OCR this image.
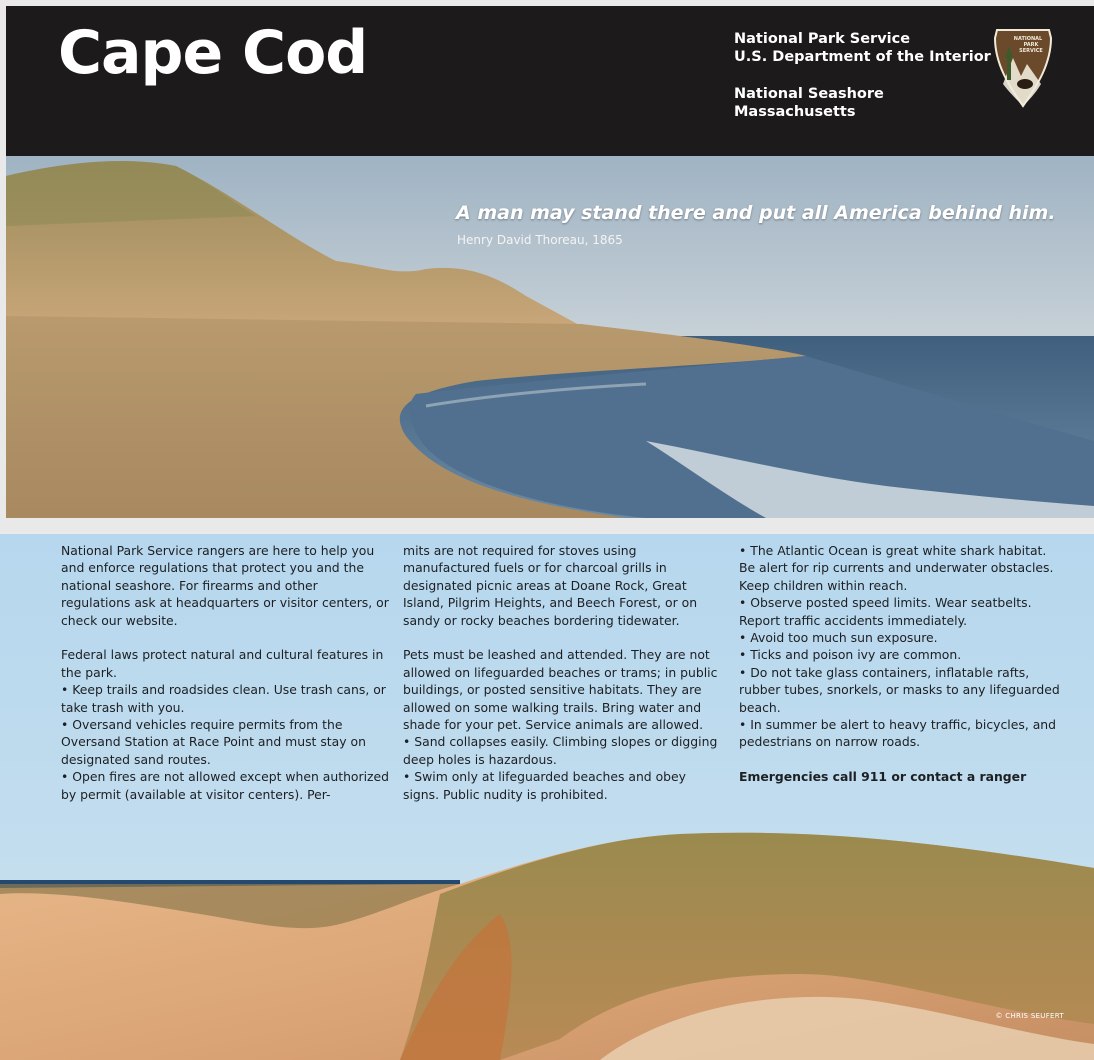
Cape Cod	National Park Service
U.S. Department of the Interior
National Seashore
Massachusetts
NATIONAL
PARK
SERVICE

A man may stand there and put all America behind him.

Henry David Thoreau, 1865

National Park Service rangers are here to help you and enforce regulations that protect you and the national seashore. For firearms and other regulations ask at headquarters or visitor centers, or check our website.

Federal laws protect natural and cultural features in the park.

• Keep trails and roadsides clean. Use trash cans, or take trash with you.

• Oversand vehicles require permits from the Oversand Station at Race Point and must stay on designated sand routes.

• Open fires are not allowed except when authorized by permit (available at visitor centers). Per-

mits are not required for stoves using manufactured fuels or for charcoal grills in designated picnic areas at Doane Rock, Great Island, Pilgrim Heights, and Beech Forest, or on sandy or rocky beaches bordering tidewater.

Pets must be leashed and attended. They are not allowed on lifeguarded beaches or trams; in public buildings, or posted sensitive habitats. They are allowed on some walking trails. Bring water and shade for your pet. Service animals are allowed.

• Sand collapses easily. Climbing slopes or digging deep holes is hazardous.

• Swim only at lifeguarded beaches and obey signs. Public nudity is prohibited.

• The Atlantic Ocean is great white shark habitat. Be alert for rip currents and underwater obstacles. Keep children within reach.

• Observe posted speed limits. Wear seatbelts. Report traffic accidents immediately.

• Avoid too much sun exposure.

• Ticks and poison ivy are common.

• Do not take glass containers, inflatable rafts, rubber tubes, snorkels, or masks to any lifeguarded beach.

• In summer be alert to heavy traffic, bicycles, and pedestrians on narrow roads.

Emergencies call 911 or contact a ranger

© CHRIS SEUFERT
